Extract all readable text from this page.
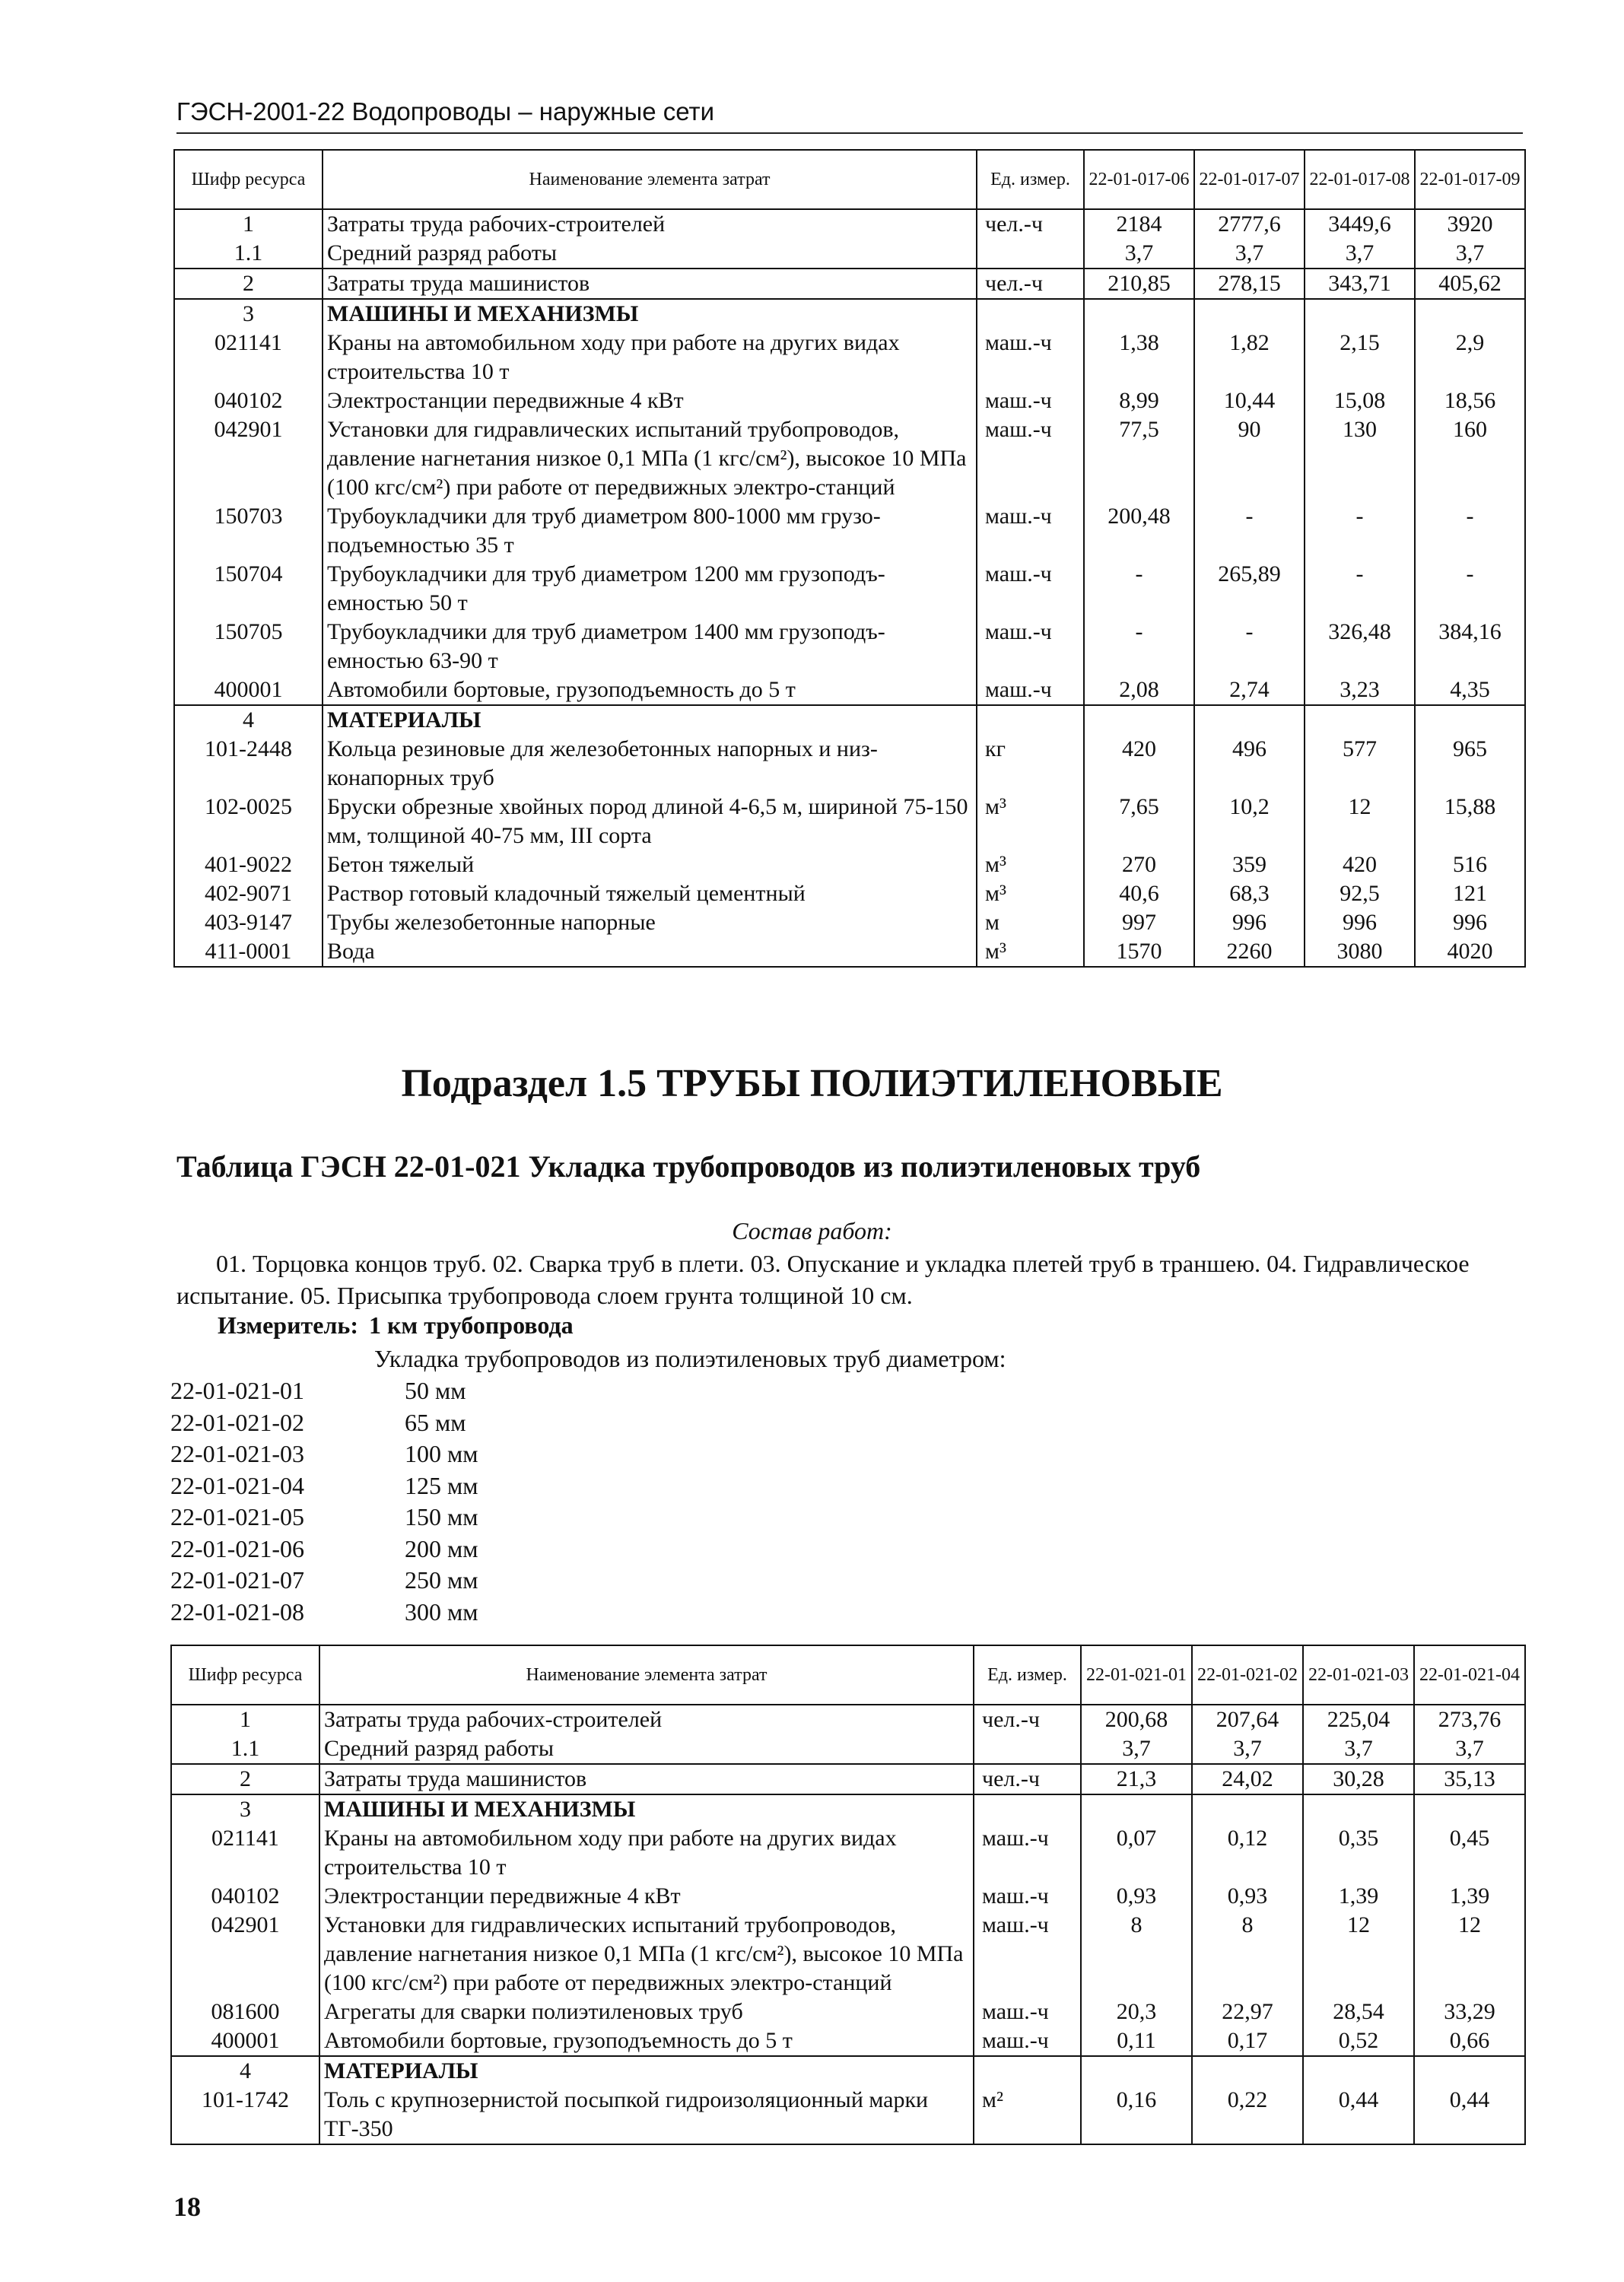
ГЭСН-2001-22 Водопроводы – наружные сети
Шифр ресурса	Наименование элемента затрат	Ед. измер.	22-01-017-06	22-01-017-07	22-01-017-08	22-01-017-09
1	Затраты труда рабочих-строителей	чел.-ч	2184	2777,6	3449,6	3920
1.1	Средний разряд работы		3,7	3,7	3,7	3,7
2	Затраты труда машинистов	чел.-ч	210,85	278,15	343,71	405,62
3	МАШИНЫ И МЕХАНИЗМЫ					
021141	Краны на автомобильном ходу при работе на других видах строительства 10 т	маш.-ч	1,38	1,82	2,15	2,9
040102	Электростанции передвижные 4 кВт	маш.-ч	8,99	10,44	15,08	18,56
042901	Установки для гидравлических испытаний трубопроводов, давление нагнетания низкое 0,1 МПа (1 кгс/см²), высокое 10 МПа (100 кгс/см²) при работе от передвижных электро-станций	маш.-ч	77,5	90	130	160
150703	Трубоукладчики для труб диаметром 800-1000 мм грузо-подъемностью 35 т	маш.-ч	200,48	-	-	-
150704	Трубоукладчики для труб диаметром 1200 мм грузоподъ-емностью 50 т	маш.-ч	-	265,89	-	-
150705	Трубоукладчики для труб диаметром 1400 мм грузоподъ-емностью 63-90 т	маш.-ч	-	-	326,48	384,16
400001	Автомобили бортовые, грузоподъемность до 5 т	маш.-ч	2,08	2,74	3,23	4,35
4	МАТЕРИАЛЫ					
101-2448	Кольца резиновые для железобетонных напорных и низ-конапорных труб	кг	420	496	577	965
102-0025	Бруски обрезные хвойных пород длиной 4-6,5 м, шириной 75-150 мм, толщиной 40-75 мм, III сорта	м³	7,65	10,2	12	15,88
401-9022	Бетон тяжелый	м³	270	359	420	516
402-9071	Раствор готовый кладочный тяжелый цементный	м³	40,6	68,3	92,5	121
403-9147	Трубы железобетонные напорные	м	997	996	996	996
411-0001	Вода	м³	1570	2260	3080	4020
Подраздел 1.5 ТРУБЫ ПОЛИЭТИЛЕНОВЫЕ
Таблица ГЭСН 22-01-021 Укладка трубопроводов из полиэтиленовых труб
Состав работ:
01. Торцовка концов труб. 02. Сварка труб в плети. 03. Опускание и укладка плетей труб в траншею. 04. Гидравлическое испытание. 05. Присыпка трубопровода слоем грунта толщиной 10 см.
Измеритель: 1 км трубопровода
Укладка трубопроводов из полиэтиленовых труб диаметром:
22-01-021-01	50 мм
22-01-021-02	65 мм
22-01-021-03	100 мм
22-01-021-04	125 мм
22-01-021-05	150 мм
22-01-021-06	200 мм
22-01-021-07	250 мм
22-01-021-08	300 мм
Шифр ресурса	Наименование элемента затрат	Ед. измер.	22-01-021-01	22-01-021-02	22-01-021-03	22-01-021-04
1	Затраты труда рабочих-строителей	чел.-ч	200,68	207,64	225,04	273,76
1.1	Средний разряд работы		3,7	3,7	3,7	3,7
2	Затраты труда машинистов	чел.-ч	21,3	24,02	30,28	35,13
3	МАШИНЫ И МЕХАНИЗМЫ					
021141	Краны на автомобильном ходу при работе на других видах строительства 10 т	маш.-ч	0,07	0,12	0,35	0,45
040102	Электростанции передвижные 4 кВт	маш.-ч	0,93	0,93	1,39	1,39
042901	Установки для гидравлических испытаний трубопроводов, давление нагнетания низкое 0,1 МПа (1 кгс/см²), высокое 10 МПа (100 кгс/см²) при работе от передвижных электро-станций	маш.-ч	8	8	12	12
081600	Агрегаты для сварки полиэтиленовых труб	маш.-ч	20,3	22,97	28,54	33,29
400001	Автомобили бортовые, грузоподъемность до 5 т	маш.-ч	0,11	0,17	0,52	0,66
4	МАТЕРИАЛЫ					
101-1742	Толь с крупнозернистой посыпкой гидроизоляционный марки ТГ-350	м²	0,16	0,22	0,44	0,44
18
